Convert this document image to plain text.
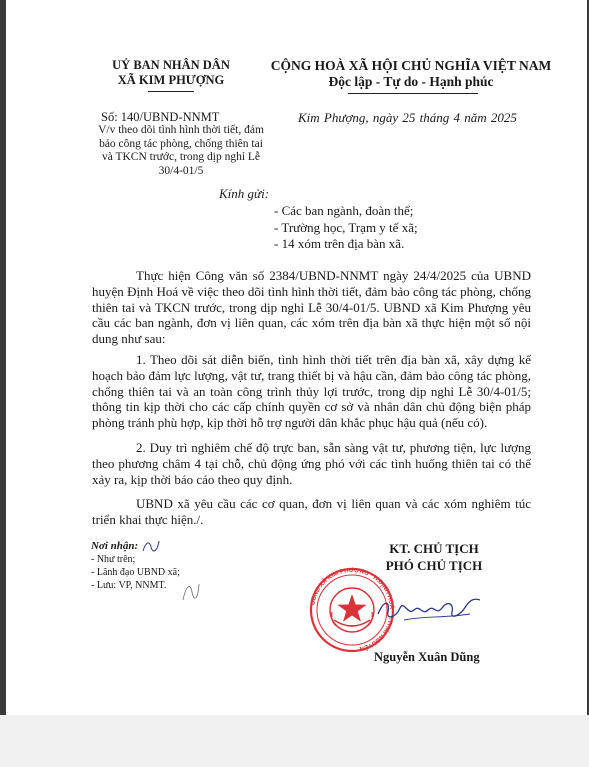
UỶ BAN NHÂN DÂN
XÃ KIM PHƯỢNG
CỘNG HOÀ XÃ HỘI CHỦ NGHĨA VIỆT NAM
Độc lập - Tự do - Hạnh phúc
Số: 140/UBND-NNMT
V/v theo dõi tình hình thời tiết, đảm bảo công tác phòng, chống thiên tai và TKCN trước, trong dịp nghỉ Lễ 30/4-01/5
Kim Phượng, ngày 25 tháng 4 năm 2025
Kính gửi:
- Các ban ngành, đoàn thể;
- Trường học, Trạm y tế xã;
- 14 xóm trên địa bàn xã.
Thực hiện Công văn số 2384/UBND-NNMT ngày 24/4/2025 của UBND huyện Định Hoá về việc theo dõi tình hình thời tiết, đảm bảo công tác phòng, chống thiên tai và TKCN trước, trong dịp nghỉ Lễ 30/4-01/5. UBND xã Kim Phượng yêu cầu các ban ngành, đơn vị liên quan, các xóm trên địa bàn xã thực hiện một số nội dung như sau:
1. Theo dõi sát diễn biến, tình hình thời tiết trên địa bàn xã, xây dựng kế hoạch bảo đảm lực lượng, vật tư, trang thiết bị và hậu cần, đảm bảo công tác phòng, chống thiên tai và an toàn công trình thủy lợi trước, trong dịp nghỉ Lễ 30/4-01/5; thông tin kịp thời cho các cấp chính quyền cơ sở và nhân dân chủ động biện pháp phòng tránh phù hợp, kịp thời hỗ trợ người dân khắc phục hậu quả (nếu có).
2. Duy trì nghiêm chế độ trực ban, sẵn sàng vật tư, phương tiện, lực lượng theo phương châm 4 tại chỗ, chủ động ứng phó với các tình huống thiên tai có thể xảy ra, kịp thời báo cáo theo quy định.
UBND xã yêu cầu các cơ quan, đơn vị liên quan và các xóm nghiêm túc triển khai thực hiện./.
Nơi nhận:
- Như trên;
- Lãnh đạo UBND xã;
- Lưu: VP, NNMT.
KT. CHỦ TỊCH
PHÓ CHỦ TỊCH
UBND XÃ KIM PHƯỢNG · H.ĐỊNH HOÁ · T.THÁI NGUYÊN
Nguyễn Xuân Dũng
